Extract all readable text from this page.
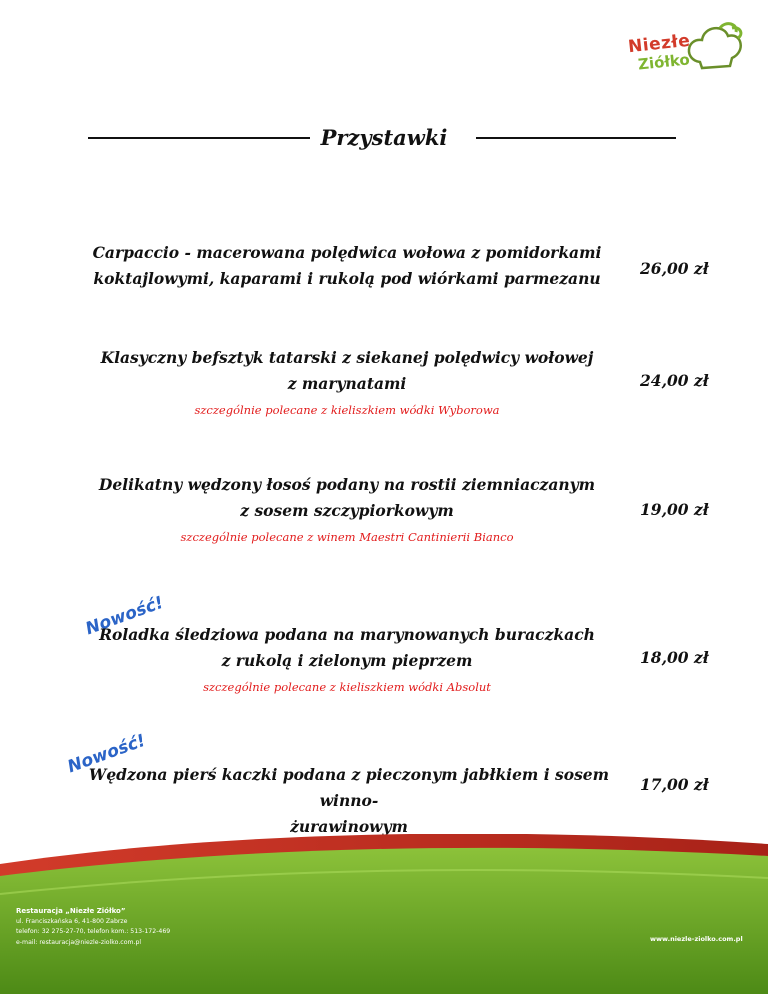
Niezłe
Ziółko
Przystawki

Carpaccio - macerowana polędwica wołowa z pomidorkami
koktajlowymi, kaparami i rukolą pod wiórkami parmezanu

26,00 zł

Klasyczny befsztyk tatarski z siekanej polędwicy wołowej
z marynatami

szczególnie polecane z kieliszkiem wódki Wyborowa
24,00 zł

Delikatny wędzony łosoś podany na rostii ziemniaczanym
z sosem szczypiorkowym

szczególnie polecane z winem Maestri Cantinierii Bianco
19,00 zł
Nowość!

Roladka śledziowa podana na marynowanych buraczkach
z rukolą i zielonym pieprzem

szczególnie polecane z kieliszkiem wódki Absolut
18,00 zł
Nowość!

Wędzona pierś kaczki podana z pieczonym jabłkiem i sosem winno-
żurawinowym

17,00 zł
Restauracja „Niezłe Ziółko”
ul. Franciszkańska 6, 41-800 Zabrze
telefon: 32 275-27-70, telefon kom.: 513-172-469
e-mail: restauracja@niezle-ziolko.com.pl	www.niezle-ziolko.com.pl
